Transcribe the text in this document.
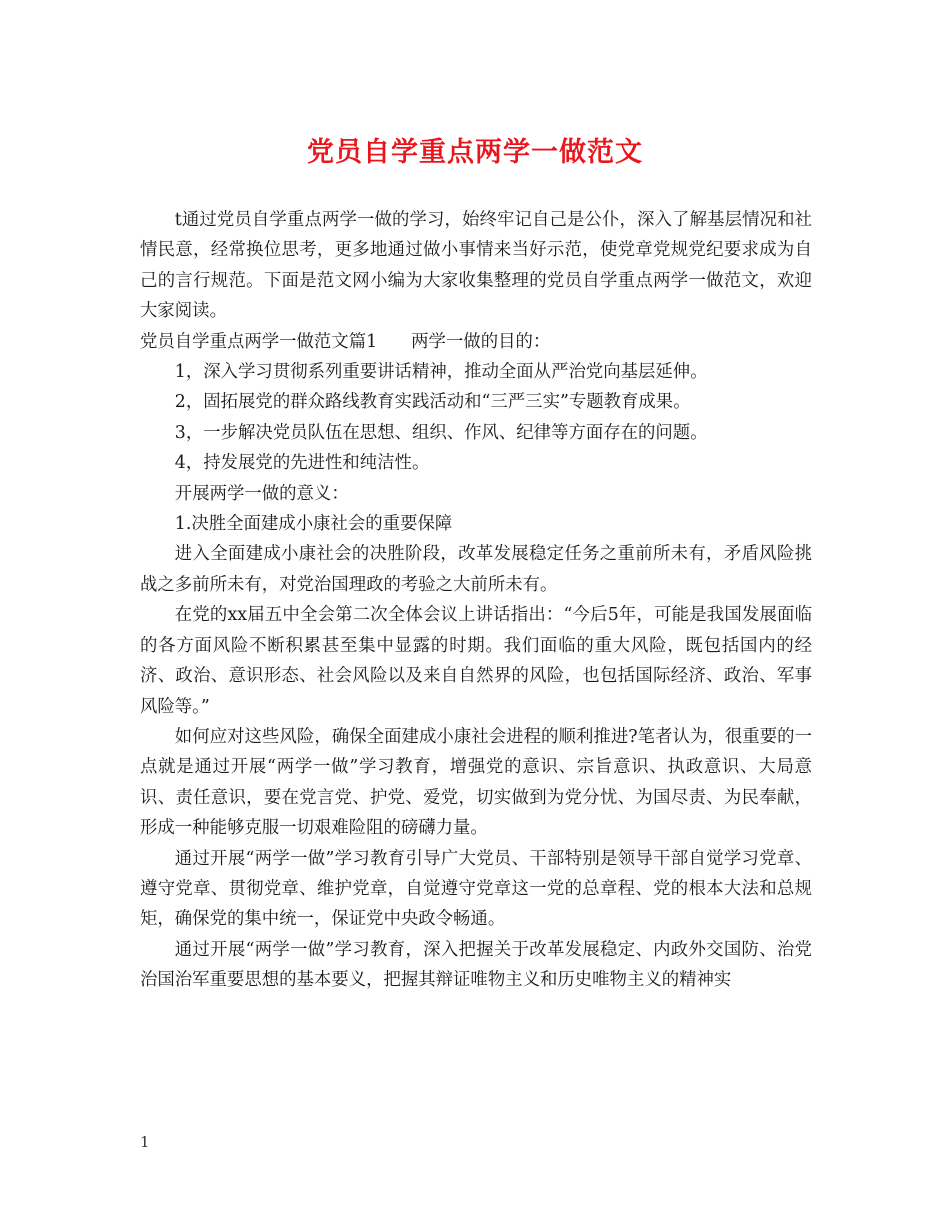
党员自学重点两学一做范文

t通过党员自学重点两学一做的学习，始终牢记自己是公仆，深入了解基层情况和社情民意，经常换位思考，更多地通过做小事情来当好示范，使党章党规党纪要求成为自己的言行规范。下面是范文网小编为大家收集整理的党员自学重点两学一做范文，欢迎大家阅读。

党员自学重点两学一做范文篇1 两学一做的目的：

1，深入学习贯彻系列重要讲话精神，推动全面从严治党向基层延伸。

2，固拓展党的群众路线教育实践活动和“三严三实”专题教育成果。

3，一步解决党员队伍在思想、组织、作风、纪律等方面存在的问题。

4，持发展党的先进性和纯洁性。

开展两学一做的意义：

1.决胜全面建成小康社会的重要保障

进入全面建成小康社会的决胜阶段，改革发展稳定任务之重前所未有，矛盾风险挑战之多前所未有，对党治国理政的考验之大前所未有。

在党的xx届五中全会第二次全体会议上讲话指出：“今后5年，可能是我国发展面临的各方面风险不断积累甚至集中显露的时期。我们面临的重大风险，既包括国内的经济、政治、意识形态、社会风险以及来自自然界的风险，也包括国际经济、政治、军事风险等。”

如何应对这些风险，确保全面建成小康社会进程的顺利推进?笔者认为，很重要的一点就是通过开展“两学一做”学习教育，增强党的意识、宗旨意识、执政意识、大局意识、责任意识，要在党言党、护党、爱党，切实做到为党分忧、为国尽责、为民奉献，形成一种能够克服一切艰难险阻的磅礴力量。

通过开展“两学一做”学习教育引导广大党员、干部特别是领导干部自觉学习党章、遵守党章、贯彻党章、维护党章，自觉遵守党章这一党的总章程、党的根本大法和总规矩，确保党的集中统一，保证党中央政令畅通。

通过开展“两学一做”学习教育，深入把握关于改革发展稳定、内政外交国防、治党治国治军重要思想的基本要义，把握其辩证唯物主义和历史唯物主义的精神实

1
